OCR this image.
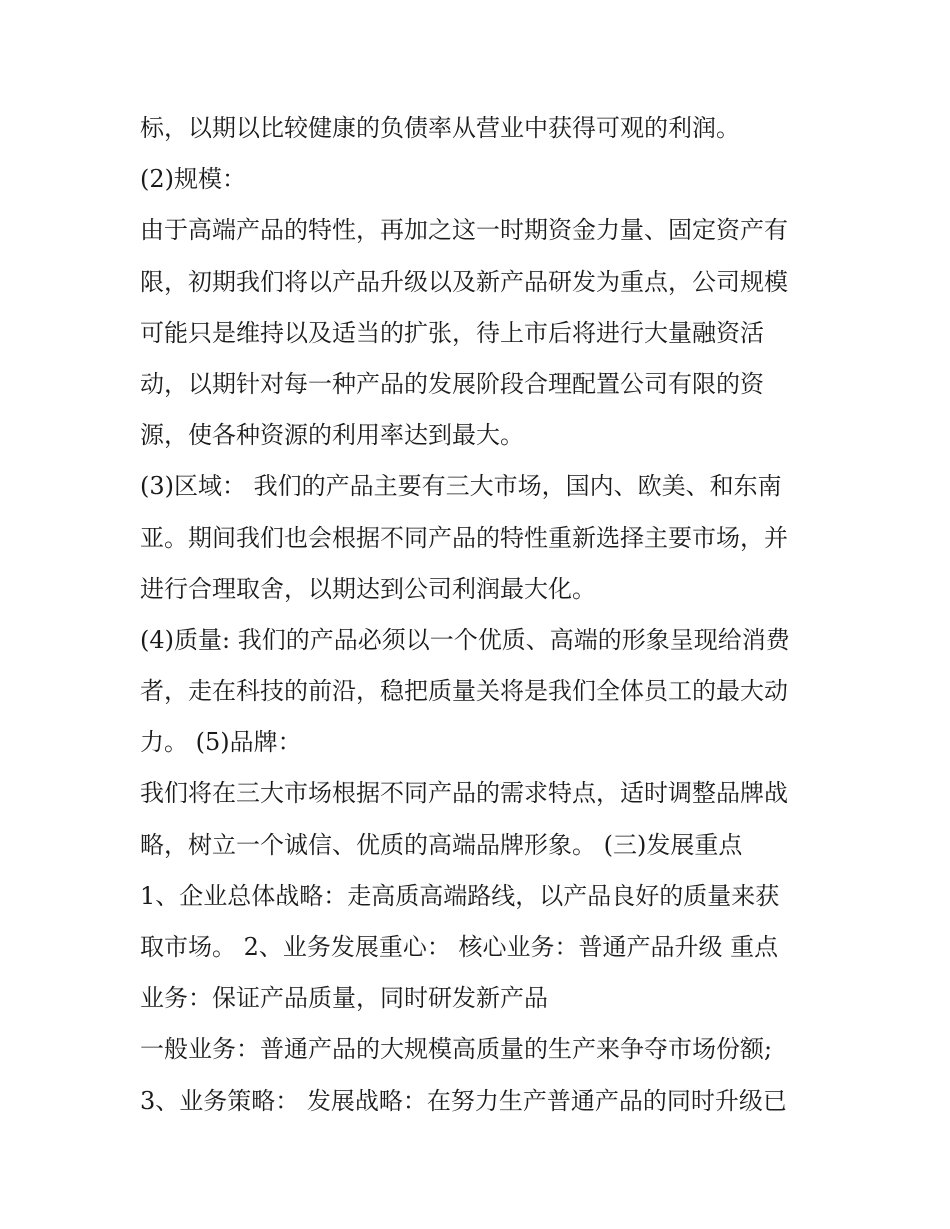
标，以期以比较健康的负债率从营业中获得可观的利润。
(2)规模：
由于高端产品的特性，再加之这一时期资金力量、固定资产有
限，初期我们将以产品升级以及新产品研发为重点，公司规模
可能只是维持以及适当的扩张，待上市后将进行大量融资活
动，以期针对每一种产品的发展阶段合理配置公司有限的资
源，使各种资源的利用率达到最大。
(3)区域： 我们的产品主要有三大市场，国内、欧美、和东南
亚。期间我们也会根据不同产品的特性重新选择主要市场，并
进行合理取舍，以期达到公司利润最大化。
(4)质量: 我们的产品必须以一个优质、高端的形象呈现给消费
者，走在科技的前沿，稳把质量关将是我们全体员工的最大动
力。 (5)品牌：
我们将在三大市场根据不同产品的需求特点，适时调整品牌战
略，树立一个诚信、优质的高端品牌形象。 (三)发展重点
1、企业总体战略：走高质高端路线，以产品良好的质量来获
取市场。 2、业务发展重心： 核心业务：普通产品升级 重点
业务：保证产品质量，同时研发新产品
一般业务：普通产品的大规模高质量的生产来争夺市场份额;
3、业务策略： 发展战略：在努力生产普通产品的同时升级已
